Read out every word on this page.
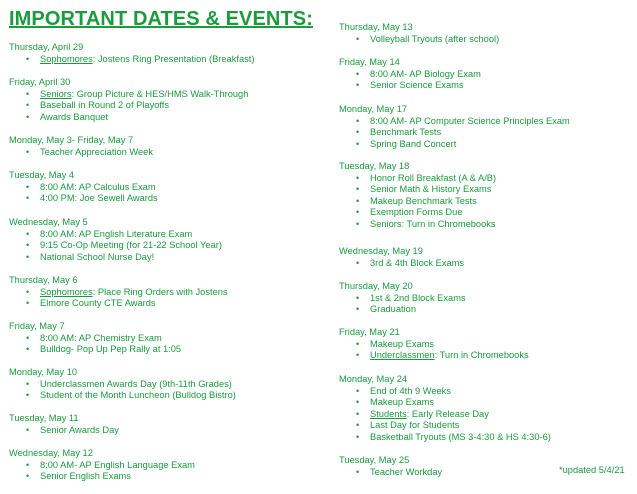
IMPORTANT DATES & EVENTS:
Thursday, April 29
• Sophomores: Jostens Ring Presentation (Breakfast)
Friday, April 30
• Seniors: Group Picture & HES/HMS Walk-Through
• Baseball in Round 2 of Playoffs
• Awards Banquet
Monday, May 3- Friday, May 7
• Teacher Appreciation Week
Tuesday, May 4
• 8:00 AM: AP Calculus Exam
• 4:00 PM: Joe Sewell Awards
Wednesday, May 5
• 8:00 AM: AP English Literature Exam
• 9:15 Co-Op Meeting (for 21-22 School Year)
• National School Nurse Day!
Thursday, May 6
• Sophomores: Place Ring Orders with Jostens
• Elmore County CTE Awards
Friday, May 7
• 8:00 AM: AP Chemistry Exam
• Bulldog- Pop Up Pep Rally at 1:05
Monday, May 10
• Underclassmen Awards Day (9th-11th Grades)
• Student of the Month Luncheon (Bulldog Bistro)
Tuesday, May 11
• Senior Awards Day
Wednesday, May 12
• 8:00 AM- AP English Language Exam
• Senior English Exams
Thursday, May 13
• Volleyball Tryouts (after school)
Friday, May 14
• 8:00 AM- AP Biology Exam
• Senior Science Exams
Monday, May 17
• 8:00 AM- AP Computer Science Principles Exam
• Benchmark Tests
• Spring Band Concert
Tuesday, May 18
• Honor Roll Breakfast (A & A/B)
• Senior Math & History Exams
• Makeup Benchmark Tests
• Exemption Forms Due
• Seniors: Turn in Chromebooks
Wednesday, May 19
• 3rd & 4th Block Exams
Thursday, May 20
• 1st & 2nd Block Exams
• Graduation
Friday, May 21
• Makeup Exams
• Underclassmen: Turn in Chromebooks
Monday, May 24
• End of 4th 9 Weeks
• Makeup Exams
• Students: Early Release Day
• Last Day for Students
• Basketball Tryouts (MS 3-4:30 & HS 4:30-6)
Tuesday, May 25
• Teacher Workday	*updated 5/4/21
